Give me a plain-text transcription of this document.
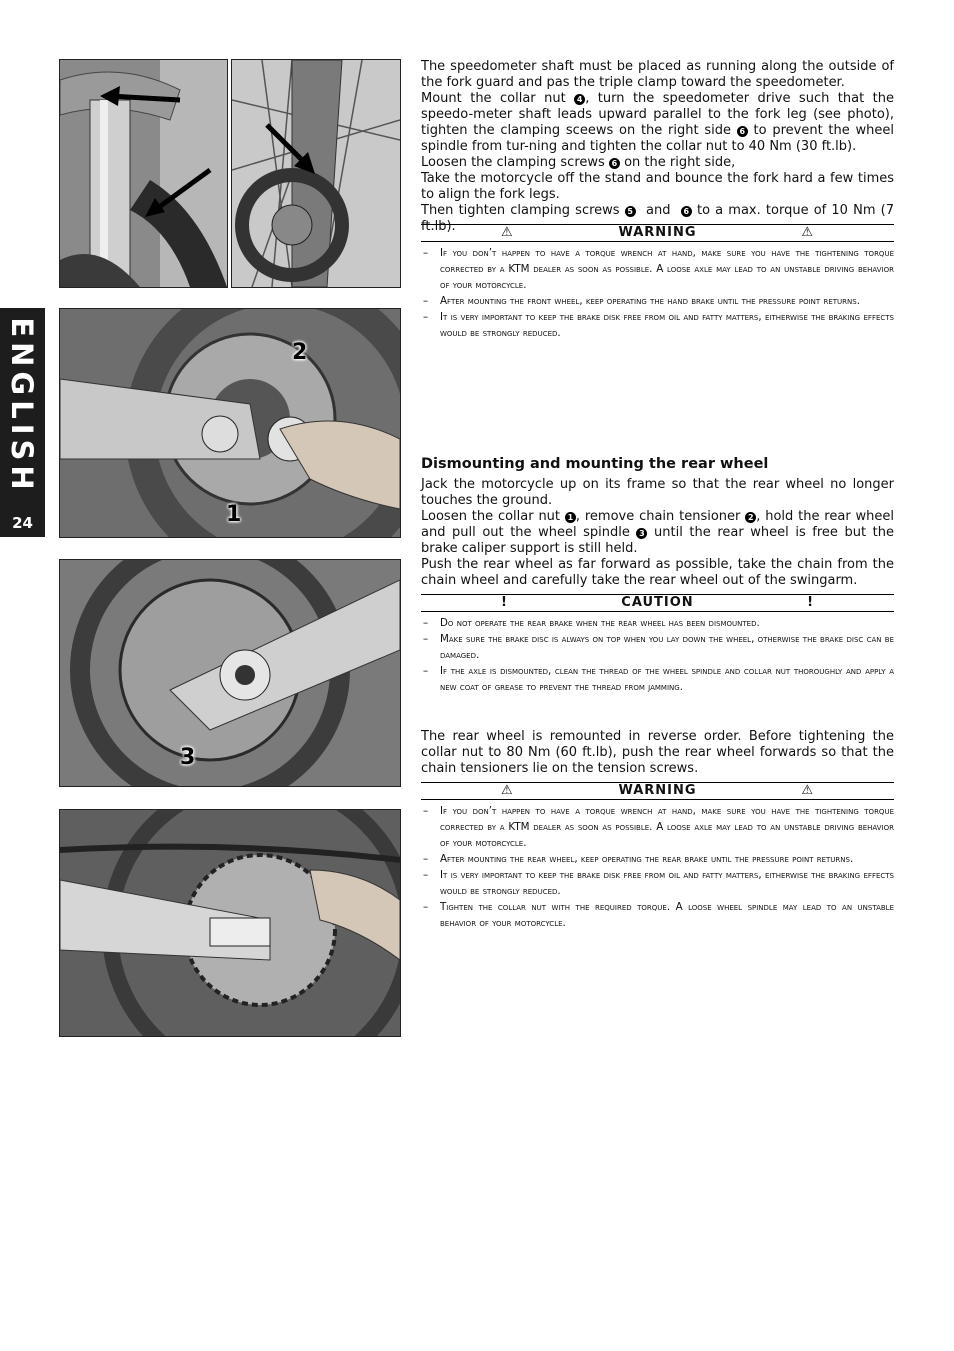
ENGLISH
24
2
1
3

The speedometer shaft must be placed as running along the outside of the fork guard and pas the triple clamp toward the speedometer.

Mount the collar nut 4 , turn the speedometer drive such that the speedo-meter shaft leads upward parallel to the fork leg (see photo), tighten the clamping sceews on the right side 6 to prevent the wheel spindle from tur-ning and tighten the collar nut to 40 Nm (30 ft.lb).

Loosen the clamping screws 6 on the right side,

Take the motorcycle off the stand and bounce the fork hard a few times to align the fork legs.

Then tighten clamping screws 5  and  6 to a max. torque of 10 Nm (7 ft.lb).	⚠	WARNING	⚠
– If you don’t happen to have a torque wrench at hand, make sure you have the tightening torque corrected by a KTM dealer as soon as possible. A loose axle may lead to an unstable driving behavior of your motorcycle.
– After mounting the front wheel, keep operating the hand brake until the pressure point returns.
– It is very important to keep the brake disk free from oil and fatty matters, eitherwise the braking effects would be strongly reduced.
Dismounting and mounting the rear wheel

Jack the motorcycle up on its frame so that the rear wheel no longer touches the ground.

Loosen the collar nut 1 , remove chain tensioner 2 , hold the rear wheel and pull out the wheel spindle 3 until the rear wheel is free but the brake caliper support is still held.

Push the rear wheel as far forward as possible, take the chain from the chain wheel and carefully take the rear wheel out of the swingarm.

!	CAUTION	!
– Do not operate the rear brake when the rear wheel has been dismounted.
– Make sure the brake disc is always on top when you lay down the wheel, otherwise the brake disc can be damaged.
– If the axle is dismounted, clean the thread of the wheel spindle and collar nut thoroughly and apply a new coat of grease to prevent the thread from jamming.

The rear wheel is remounted in reverse order. Before tightening the collar nut to 80 Nm (60 ft.lb), push the rear wheel forwards so that the chain tensioners lie on the tension screws.

⚠	WARNING	⚠
– If you don’t happen to have a torque wrench at hand, make sure you have the tightening torque corrected by a KTM dealer as soon as possible. A loose axle may lead to an unstable driving behavior of your motorcycle.
– After mounting the rear wheel, keep operating the rear brake until the pressure point returns.
– It is very important to keep the brake disk free from oil and fatty matters, eitherwise the braking effects would be strongly reduced.
– Tighten the collar nut with the required torque. A loose wheel spindle may lead to an unstable behavior of your motorcycle.
